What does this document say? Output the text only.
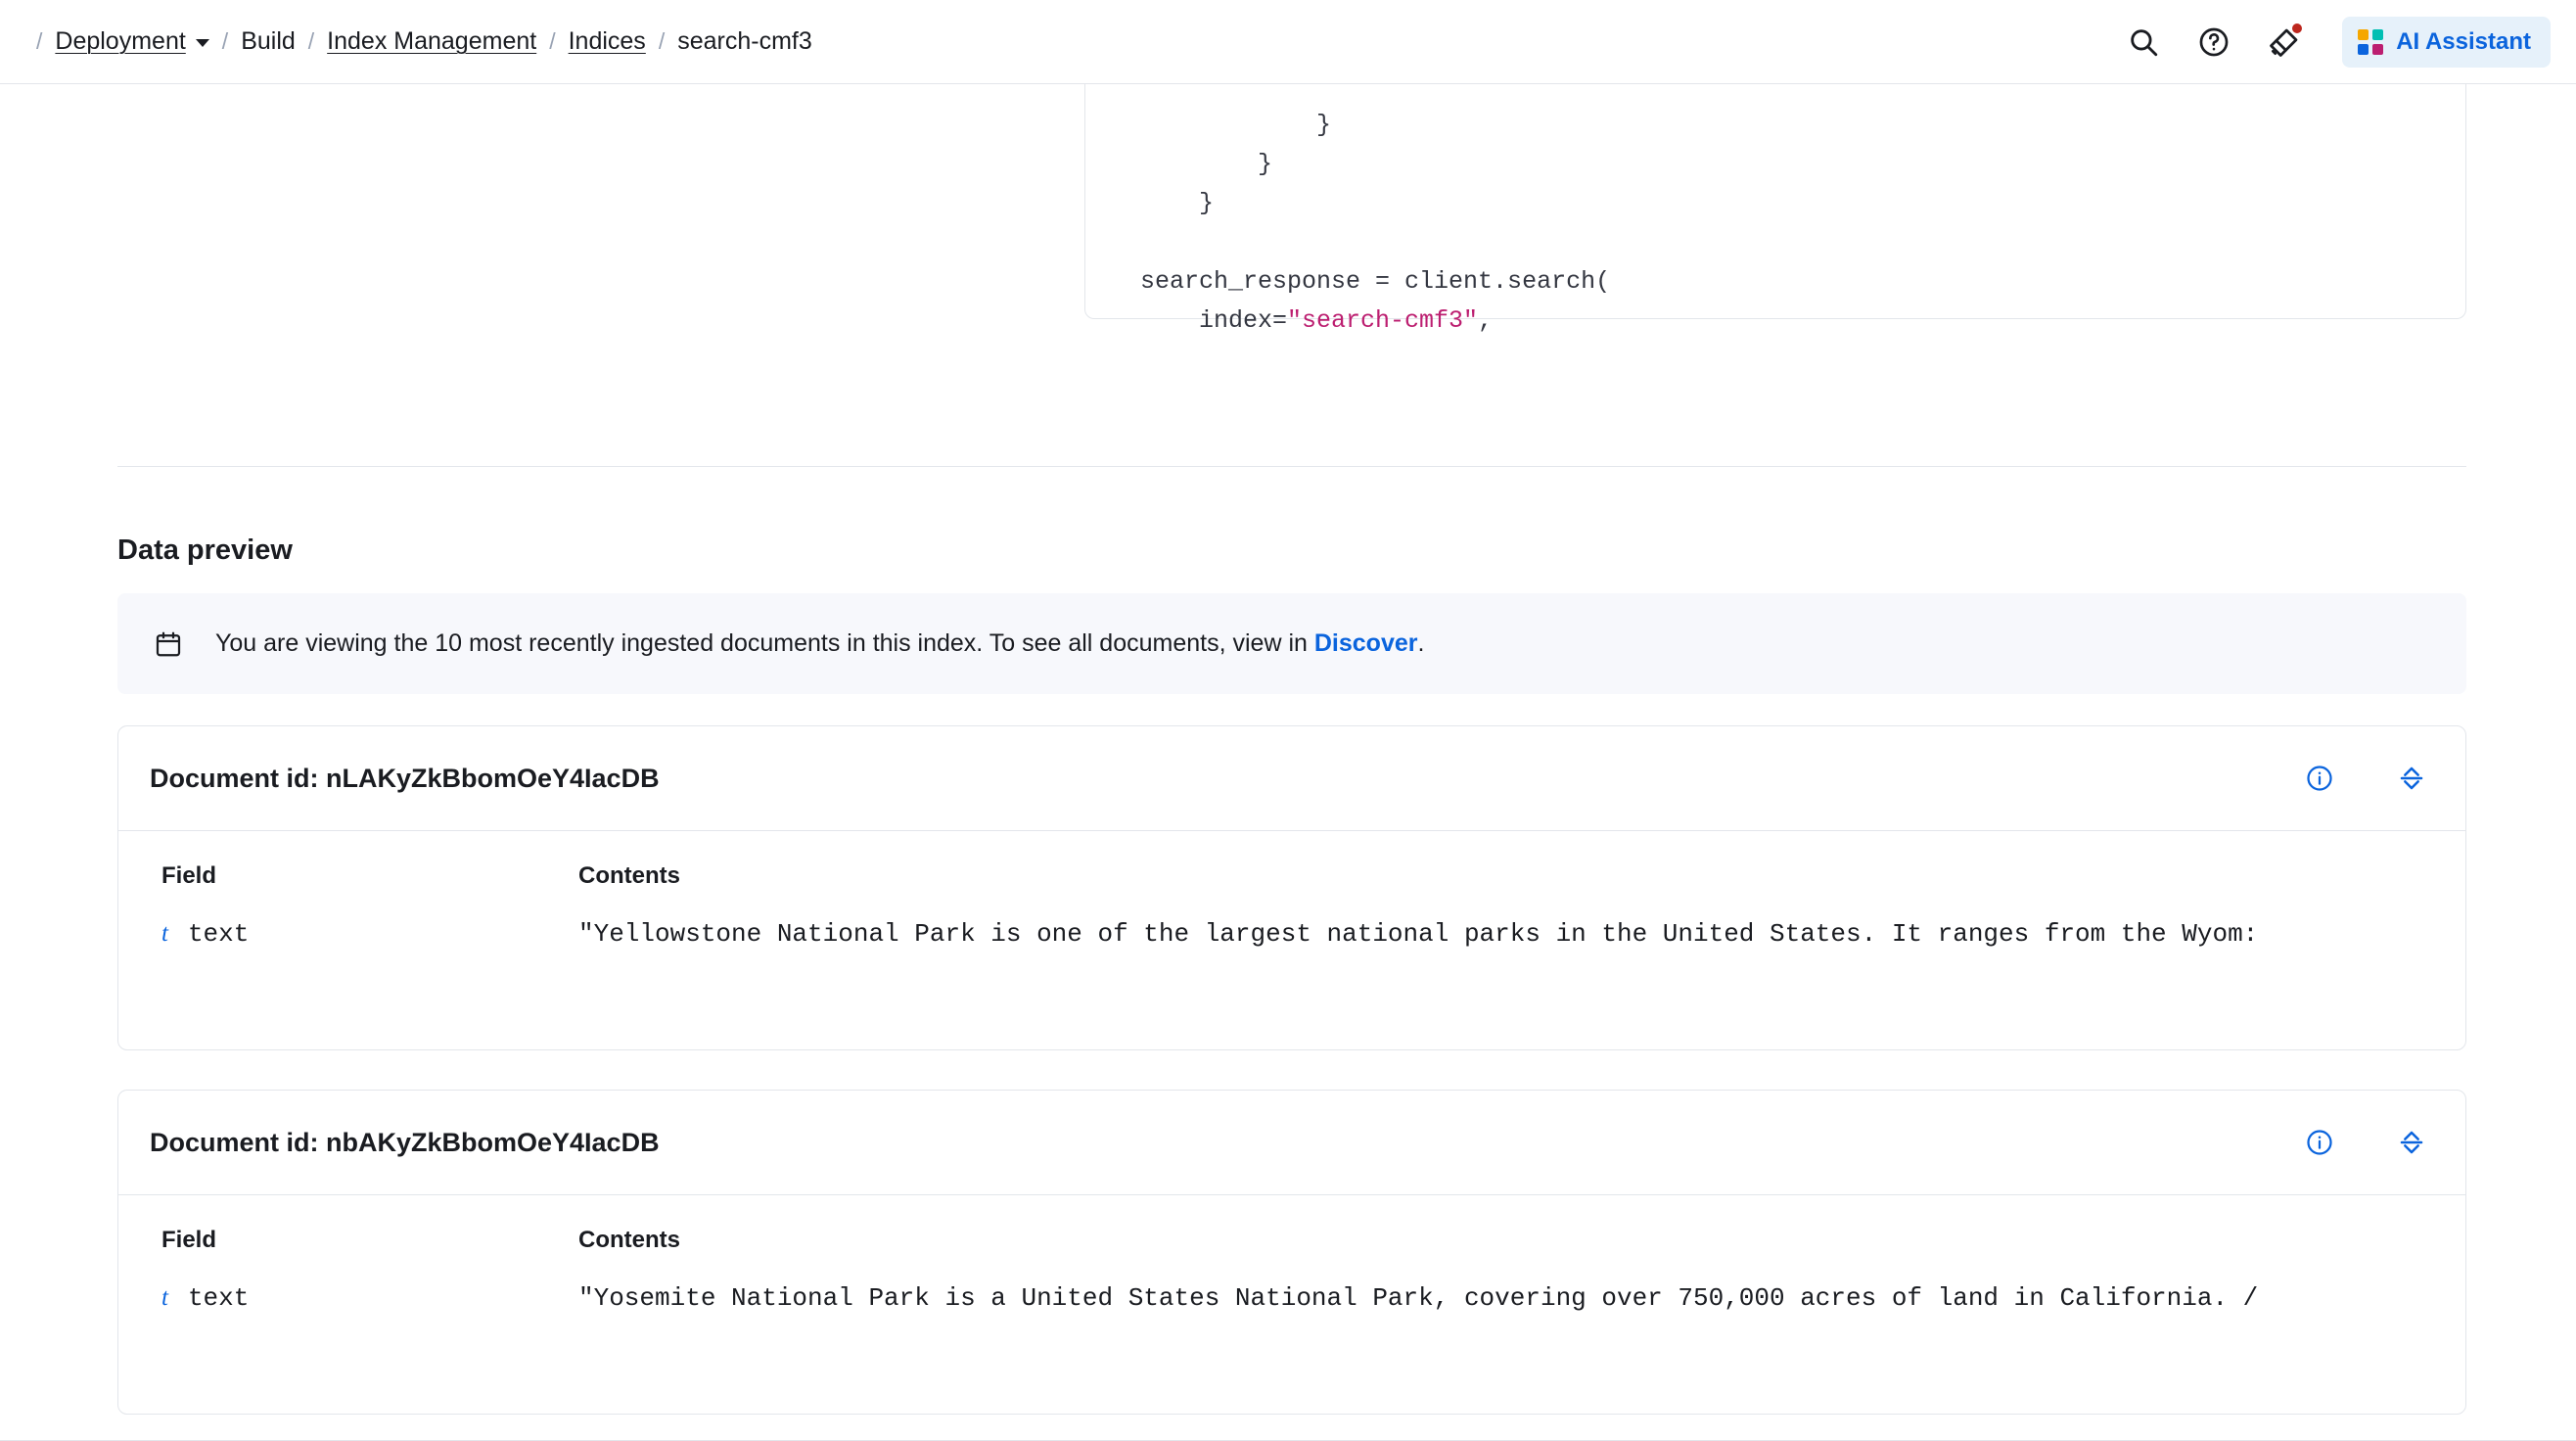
/ Deployment / Build / Index Management / Indices / search-cmf3	AI Assistant
}
}
}

search_response = client.search(
index="search-cmf3",
Data preview
You are viewing the 10 most recently ingested documents in this index. To see all documents, view in Discover.
Document id: nLAKyZkBbomOeY4IacDB
Field	Contents
t text	"Yellowstone National Park is one of the largest national parks in the United States. It ranges from the Wyom:
Document id: nbAKyZkBbomOeY4IacDB
Field	Contents
t text	"Yosemite National Park is a United States National Park, covering over 750,000 acres of land in California. /
